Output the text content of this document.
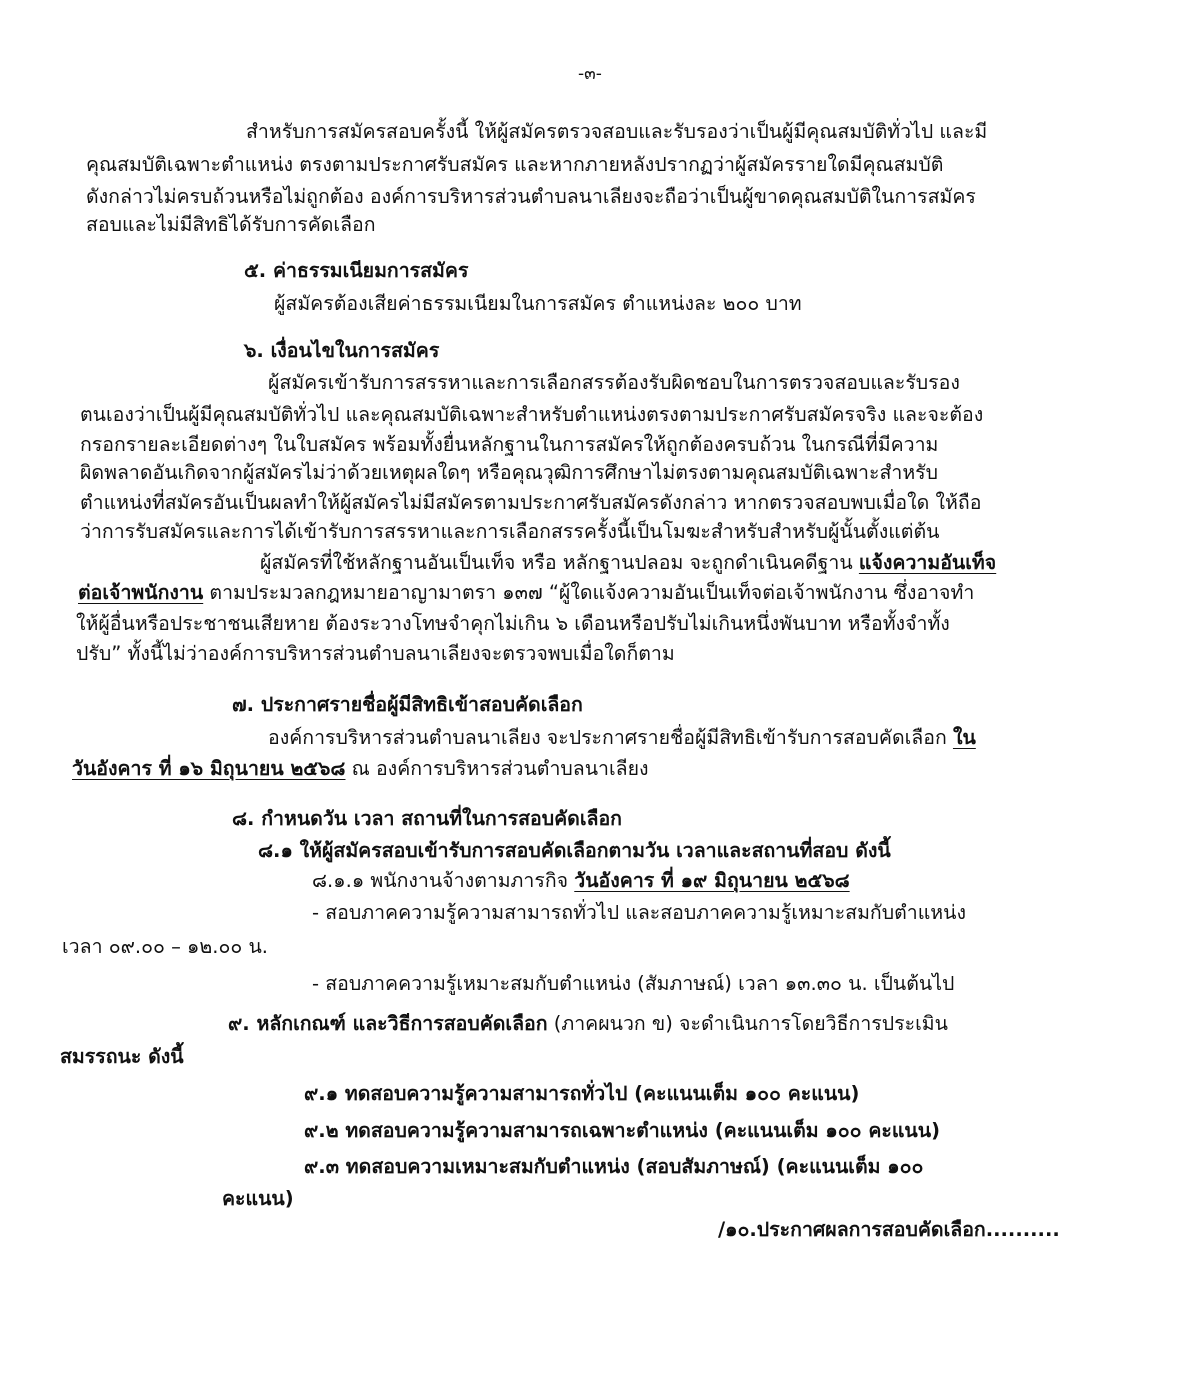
-๓-
สำหรับการสมัครสอบครั้งนี้ ให้ผู้สมัครตรวจสอบและรับรองว่าเป็นผู้มีคุณสมบัติทั่วไป และมี
คุณสมบัติเฉพาะตำแหน่ง ตรงตามประกาศรับสมัคร และหากภายหลังปรากฏว่าผู้สมัครรายใดมีคุณสมบัติ
ดังกล่าวไม่ครบถ้วนหรือไม่ถูกต้อง องค์การบริหารส่วนตำบลนาเลียงจะถือว่าเป็นผู้ขาดคุณสมบัติในการสมัคร
สอบและไม่มีสิทธิได้รับการคัดเลือก
๕. ค่าธรรมเนียมการสมัคร
ผู้สมัครต้องเสียค่าธรรมเนียมในการสมัคร ตำแหน่งละ ๒๐๐ บาท
๖. เงื่อนไขในการสมัคร
ผู้สมัครเข้ารับการสรรหาและการเลือกสรรต้องรับผิดชอบในการตรวจสอบและรับรอง
ตนเองว่าเป็นผู้มีคุณสมบัติทั่วไป และคุณสมบัติเฉพาะสำหรับตำแหน่งตรงตามประกาศรับสมัครจริง และจะต้อง
กรอกรายละเอียดต่างๆ ในใบสมัคร พร้อมทั้งยื่นหลักฐานในการสมัครให้ถูกต้องครบถ้วน ในกรณีที่มีความ
ผิดพลาดอันเกิดจากผู้สมัครไม่ว่าด้วยเหตุผลใดๆ หรือคุณวุฒิการศึกษาไม่ตรงตามคุณสมบัติเฉพาะสำหรับ
ตำแหน่งที่สมัครอันเป็นผลทำให้ผู้สมัครไม่มีสมัครตามประกาศรับสมัครดังกล่าว หากตรวจสอบพบเมื่อใด ให้ถือ
ว่าการรับสมัครและการได้เข้ารับการสรรหาและการเลือกสรรครั้งนี้เป็นโมฆะสำหรับสำหรับผู้นั้นตั้งแต่ต้น
ผู้สมัครที่ใช้หลักฐานอันเป็นเท็จ หรือ หลักฐานปลอม จะถูกดำเนินคดีฐาน แจ้งความอันเท็จ
ต่อเจ้าพนักงาน ตามประมวลกฎหมายอาญามาตรา ๑๓๗ “ผู้ใดแจ้งความอันเป็นเท็จต่อเจ้าพนักงาน ซึ่งอาจทำ
ให้ผู้อื่นหรือประชาชนเสียหาย ต้องระวางโทษจำคุกไม่เกิน ๖ เดือนหรือปรับไม่เกินหนึ่งพันบาท หรือทั้งจำทั้ง
ปรับ” ทั้งนี้ไม่ว่าองค์การบริหารส่วนตำบลนาเลียงจะตรวจพบเมื่อใดก็ตาม
๗. ประกาศรายชื่อผู้มีสิทธิเข้าสอบคัดเลือก
องค์การบริหารส่วนตำบลนาเลียง จะประกาศรายชื่อผู้มีสิทธิเข้ารับการสอบคัดเลือก ใน
วันอังคาร ที่ ๑๖ มิถุนายน ๒๕๖๘ ณ องค์การบริหารส่วนตำบลนาเลียง
๘. กำหนดวัน เวลา สถานที่ในการสอบคัดเลือก
๘.๑ ให้ผู้สมัครสอบเข้ารับการสอบคัดเลือกตามวัน เวลาและสถานที่สอบ ดังนี้
๘.๑.๑ พนักงานจ้างตามภารกิจ วันอังคาร ที่ ๑๙ มิถุนายน ๒๕๖๘
- สอบภาคความรู้ความสามารถทั่วไป และสอบภาคความรู้เหมาะสมกับตำแหน่ง
เวลา ๐๙.๐๐ – ๑๒.๐๐ น.
- สอบภาคความรู้เหมาะสมกับตำแหน่ง (สัมภาษณ์) เวลา ๑๓.๓๐ น. เป็นต้นไป
๙. หลักเกณฑ์ และวิธีการสอบคัดเลือก (ภาคผนวก ข) จะดำเนินการโดยวิธีการประเมิน
สมรรถนะ ดังนี้
๙.๑ ทดสอบความรู้ความสามารถทั่วไป (คะแนนเต็ม ๑๐๐ คะแนน)
๙.๒ ทดสอบความรู้ความสามารถเฉพาะตำแหน่ง (คะแนนเต็ม ๑๐๐ คะแนน)
๙.๓ ทดสอบความเหมาะสมกับตำแหน่ง (สอบสัมภาษณ์) (คะแนนเต็ม ๑๐๐
คะแนน)
/๑๐.ประกาศผลการสอบคัดเลือก..........
